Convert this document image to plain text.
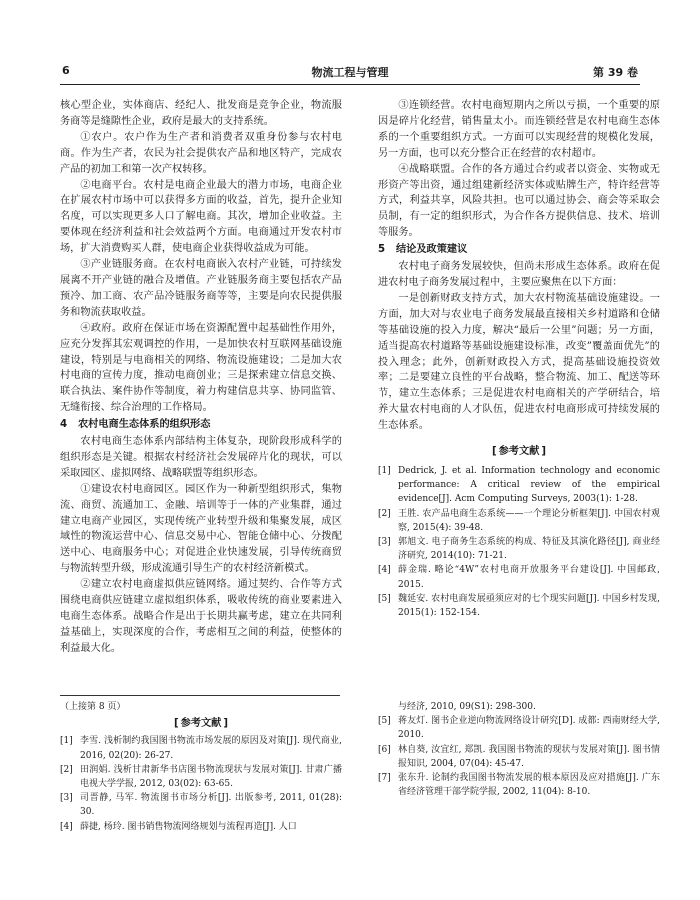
6	物流工程与管理	第 39 卷

核心型企业，实体商店、经纪人、批发商是竞争企业，物流服务商等是缝隙性企业，政府是最大的支持系统。

①农户。农户作为生产者和消费者双重身份参与农村电商。作为生产者，农民为社会提供农产品和地区特产，完成农产品的初加工和第一次产权转移。

②电商平台。农村是电商企业最大的潜力市场，电商企业在扩展农村市场中可以获得多方面的收益，首先，提升企业知名度，可以实现更多人口了解电商。其次，增加企业收益。主要体现在经济利益和社会效益两个方面。电商通过开发农村市场，扩大消费购买人群，使电商企业获得收益成为可能。

③产业链服务商。在农村电商嵌入农村产业链，可持续发展离不开产业链的融合及增值。产业链服务商主要包括农产品预冷、加工商、农产品冷链服务商等等，主要是向农民提供服务和物流获取收益。

④政府。政府在保证市场在资源配置中起基础性作用外，应充分发挥其宏观调控的作用，一是加快农村互联网基础设施建设，特别是与电商相关的网络、物流设施建设；二是加大农村电商的宣传力度，推动电商创业；三是探索建立信息交换、联合执法、案件协作等制度，着力构建信息共享、协同监管、无缝衔接、综合治理的工作格局。

4 农村电商生态体系的组织形态

农村电商生态体系内部结构主体复杂，现阶段形成科学的组织形态是关键。根据农村经济社会发展碎片化的现状，可以采取园区、虚拟网络、战略联盟等组织形态。

①建设农村电商园区。园区作为一种新型组织形式，集物流、商贸、流通加工、金融、培训等于一体的产业集群，通过建立电商产业园区，实现传统产业转型升级和集聚发展，成区域性的物流运营中心、信息交易中心、智能仓储中心、分拨配送中心、电商服务中心；对促进企业快速发展，引导传统商贸与物流转型升级，形成流通引导生产的农村经济新模式。

②建立农村电商虚拟供应链网络。通过契约、合作等方式围绕电商供应链建立虚拟组织体系，吸收传统的商业要素进入电商生态体系。战略合作是出于长期共赢考虑，建立在共同利益基础上，实现深度的合作，考虑相互之间的利益，使整体的利益最大化。

③连锁经营。农村电商短期内之所以亏损，一个重要的原因是碎片化经营，销售量太小。而连锁经营是农村电商生态体系的一个重要组织方式。一方面可以实现经营的规模化发展，另一方面，也可以充分整合正在经营的农村超市。

④战略联盟。合作的各方通过合约或者以资金、实物或无形资产等出资，通过组建新经济实体或贴牌生产，特许经营等方式，利益共享，风险共担。也可以通过协会、商会等采取会员制，有一定的组织形式，为合作各方提供信息、技术、培训等服务。

5 结论及政策建议

农村电子商务发展较快，但尚未形成生态体系。政府在促进农村电子商务发展过程中，主要应聚焦在以下方面：

一是创新财政支持方式，加大农村物流基础设施建设。一方面，加大对与农业电子商务发展最直接相关乡村道路和仓储等基础设施的投入力度，解决“最后一公里”问题；另一方面，适当提高农村道路等基础设施建设标准，改变”覆盖面优先”的投入理念；此外，创新财政投入方式，提高基础设施投资效率；二是要建立良性的平台战略，整合物流、加工、配送等环节，建立生态体系；三是促进农村电商相关的产学研结合，培养大量农村电商的人才队伍，促进农村电商形成可持续发展的生态体系。

[ 参考文献 ]
[1] Dedrick, J. et al. Information technology and economic performance: A critical review of the empirical evidence[J]. Acm Computing Surveys, 2003(1): 1-28.
[2] 王胜. 农产品电商生态系统——一个理论分析框架[J]. 中国农村观察, 2015(4): 39-48.
[3] 郭旭文. 电子商务生态系统的构成、特征及其演化路径[J], 商业经济研究, 2014(10): 71-21.
[4] 薛金瑞. 略论“4W”农村电商开放服务平台建设[J]. 中国邮政, 2015.
[5] 魏延安. 农村电商发展亟须应对的七个现实问题[J]. 中国乡村发现, 2015(1): 152-154.
（上接第 8 页）
[ 参考文献 ]
[1] 李雪. 浅析制约我国图书物流市场发展的原因及对策[J]. 现代商业, 2016, 02(20): 26-27.
[2] 田润娟. 浅析甘肃新华书店图书物流现状与发展对策[J]. 甘肃广播电视大学学报, 2012, 03(02): 63-65.
[3] 司晋静, 马军. 物流图书市场分析[J]. 出版参考, 2011, 01(28): 30.
[4] 薛捷, 杨玲. 图书销售物流网络规划与流程再造[J]. 人口
与经济, 2010, 09(S1): 298-300.
[5] 蒋友灯. 图书企业逆向物流网络设计研究[D]. 成都: 西南财经大学, 2010.
[6] 林自葵, 汝宜红, 郑凯. 我国图书物流的现状与发展对策[J]. 图书情报知识, 2004, 07(04): 45-47.
[7] 张东升. 论制约我国图书物流发展的根本原因及应对措施[J]. 广东省经济管理干部学院学报, 2002, 11(04): 8-10.
